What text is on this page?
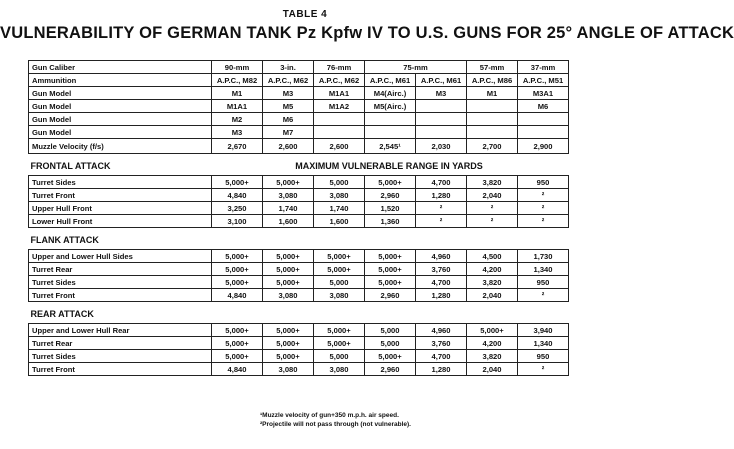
TABLE 4
VULNERABILITY OF GERMAN TANK Pz Kpfw IV TO U.S. GUNS FOR 25° ANGLE OF ATTACK
Gun Caliber	90-mm	3-in.	76-mm	75-mm		57-mm	37-mm
Ammunition	A.P.C., M82	A.P.C., M62	A.P.C., M62	A.P.C., M61	A.P.C., M61	A.P.C., M86	A.P.C., M51
Gun Model	M1	M3	M1A1	M4(Airc.)	M3	M1	M3A1
Gun Model	M1A1	M5	M1A2	M5(Airc.)			M6
Gun Model	M2	M6					
Gun Model	M3	M7					
Muzzle Velocity (f/s)	2,670	2,600	2,600	2,545¹	2,030	2,700	2,900
FRONTAL ATTACK	MAXIMUM VULNERABLE RANGE IN YARDS						
Turret Sides	5,000+	5,000+	5,000	5,000+	4,700	3,820	950
Turret Front	4,840	3,080	3,080	2,960	1,280	2,040	²
Upper Hull Front	3,250	1,740	1,740	1,520	²	²	²
Lower Hull Front	3,100	1,600	1,600	1,360	²	²	²
FLANK ATTACK							
Upper and Lower Hull Sides	5,000+	5,000+	5,000+	5,000+	4,960	4,500	1,730
Turret Rear	5,000+	5,000+	5,000+	5,000+	3,760	4,200	1,340
Turret Sides	5,000+	5,000+	5,000	5,000+	4,700	3,820	950
Turret Front	4,840	3,080	3,080	2,960	1,280	2,040	²
REAR ATTACK							
Upper and Lower Hull Rear	5,000+	5,000+	5,000+	5,000	4,960	5,000+	3,940
Turret Rear	5,000+	5,000+	5,000+	5,000	3,760	4,200	1,340
Turret Sides	5,000+	5,000+	5,000	5,000+	4,700	3,820	950
Turret Front	4,840	3,080	3,080	2,960	1,280	2,040	²
¹Muzzle velocity of gun+350 m.p.h. air speed.
²Projectile will not pass through (not vulnerable).
